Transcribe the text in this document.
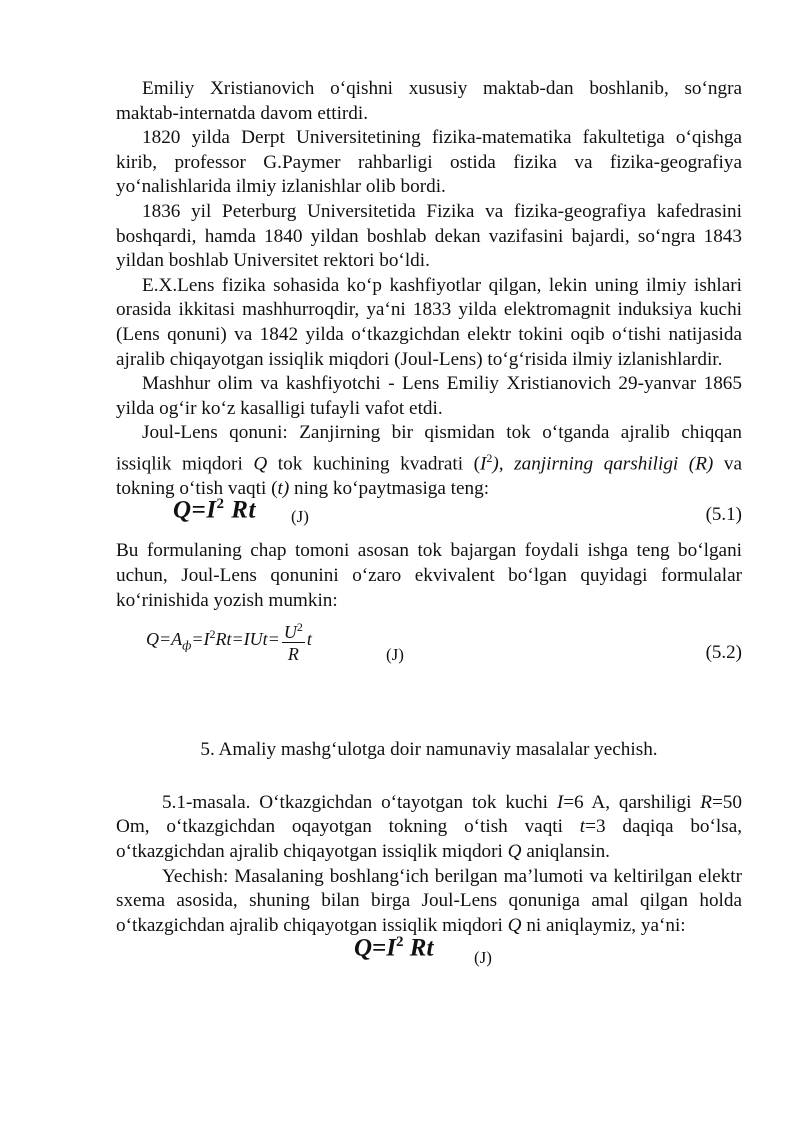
Emiliy Xristianovich o‘qishni xususiy maktab-dan boshlanib, so‘ngra maktab-internatda davom ettirdi.

1820 yilda Derpt Universitetining fizika-matematika fakultetiga o‘qishga kirib, professor G.Paymer rahbarligi ostida fizika va fizika-geografiya yo‘nalishlarida ilmiy izlanishlar olib bordi.

1836 yil Peterburg Universitetida Fizika va fizika-geografiya kafedrasini boshqardi, hamda 1840 yildan boshlab dekan vazifasini bajardi, so‘ngra 1843 yildan boshlab Universitet rektori bo‘ldi.

E.X.Lens fizika sohasida ko‘p kashfiyotlar qilgan, lekin uning ilmiy ishlari orasida ikkitasi mashhurroqdir, ya‘ni 1833 yilda elektromagnit induksiya kuchi (Lens qonuni) va 1842 yilda o‘tkazgichdan elektr tokini oqib o‘tishi natijasida ajralib chiqayotgan issiqlik miqdori (Joul-Lens) to‘g‘risida ilmiy izlanishlardir.

Mashhur olim va kashfiyotchi - Lens Emiliy Xristianovich 29-yanvar 1865 yilda og‘ir ko‘z kasalligi tufayli vafot etdi.

Joul-Lens qonuni: Zanjirning bir qismidan tok o‘tganda ajralib chiqqan issiqlik miqdori Q tok kuchining kvadrati $(I^2)$, zanjirning qarshiligi (R) va tokning o‘tish vaqti (t) ning ko‘paytmasiga teng:

$Q=I^2$ Rt (J)	(5.1)

Bu formulaning chap tomoni asosan tok bajargan foydali ishga teng bo‘lgani uchun, Joul-Lens qonunini o‘zaro ekvivalent bo‘lgan quyidagi formulalar ko‘rinishida yozish mumkin:

$Q=A_ф=I^2Rt=IUt= \frac{U^2}{R}$ t
(J)	(5.2)

5. Amaliy mashg‘ulotga doir namunaviy masalalar yechish.

5.1-masala. O‘tkazgichdan o‘tayotgan tok kuchi I=6 A, qarshiligi R=50 Om, o‘tkazgichdan oqayotgan tokning o‘tish vaqti t=3 daqiqa bo‘lsa, o‘tkazgichdan ajralib chiqayotgan issiqlik miqdori Q aniqlansin.

Yechish: Masalaning boshlang‘ich berilgan ma’lumoti va keltirilgan elektr sxema asosida, shuning bilan birga Joul-Lens qonuniga amal qilgan holda o‘tkazgichdan ajralib chiqayotgan issiqlik miqdori Q ni aniqlaymiz, ya‘ni:

$Q=I^2$ Rt (J)
